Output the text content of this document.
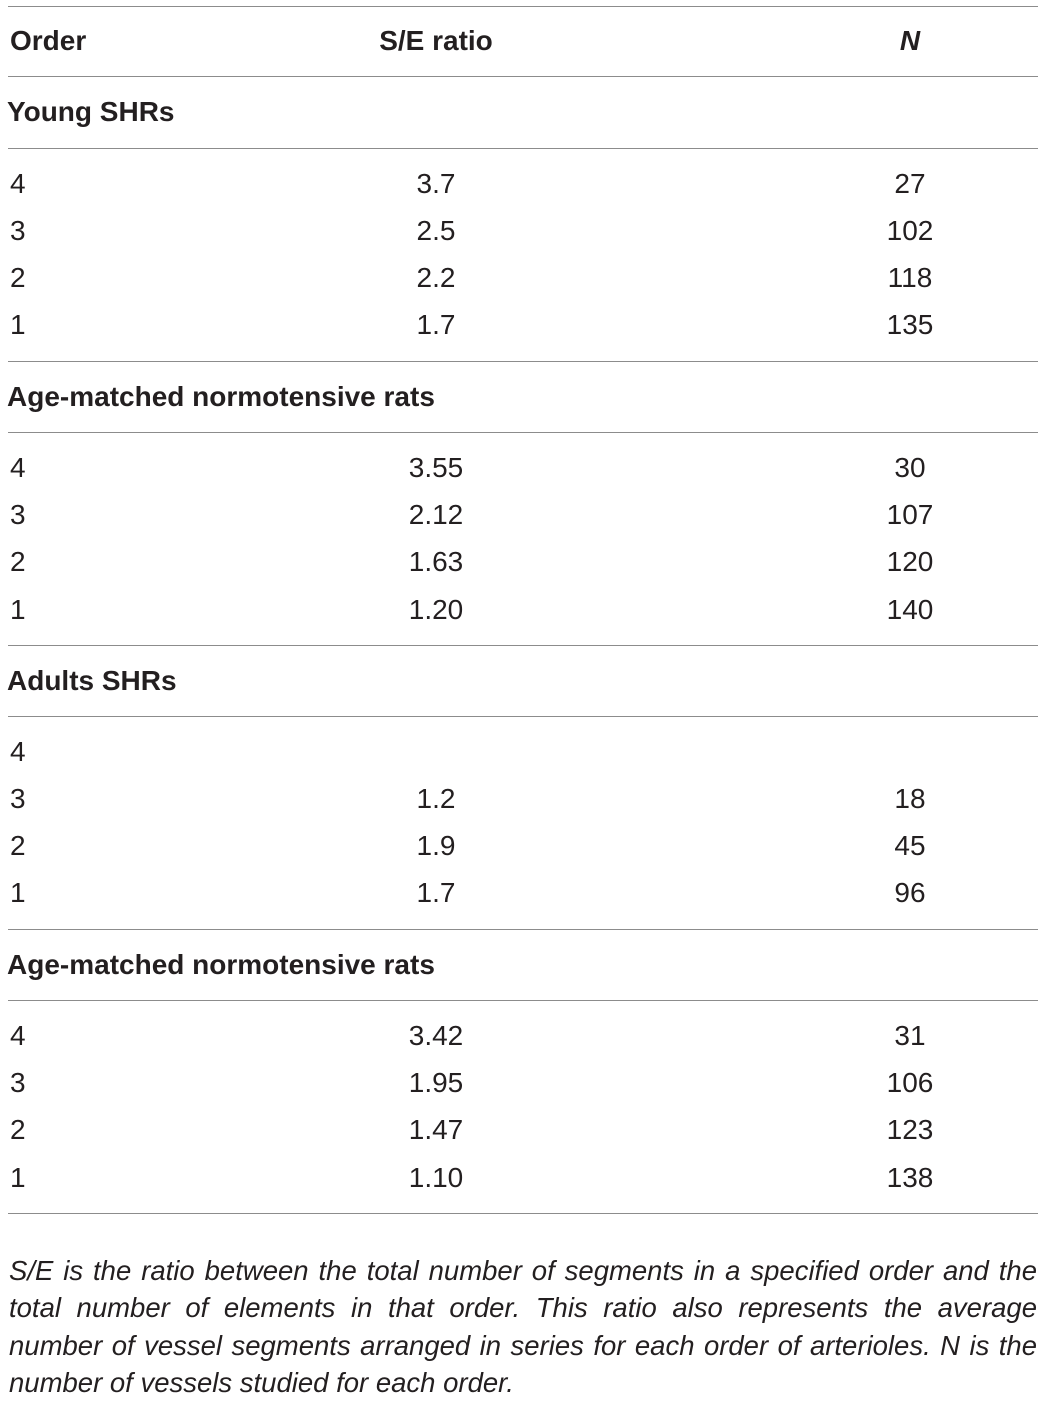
Order	S/E ratio	N
Young SHRs
4	3.7	27
3	2.5	102
2	2.2	118
1	1.7	135
Age-matched normotensive rats
4	3.55	30
3	2.12	107
2	1.63	120
1	1.20	140
Adults SHRs
4
3	1.2	18
2	1.9	45
1	1.7	96
Age-matched normotensive rats
4	3.42	31
3	1.95	106
2	1.47	123
1	1.10	138

S/E is the ratio between the total number of segments in a specified order and the total number of elements in that order. This ratio also represents the average number of vessel segments arranged in series for each order of arterioles. N is the number of vessels studied for each order.
